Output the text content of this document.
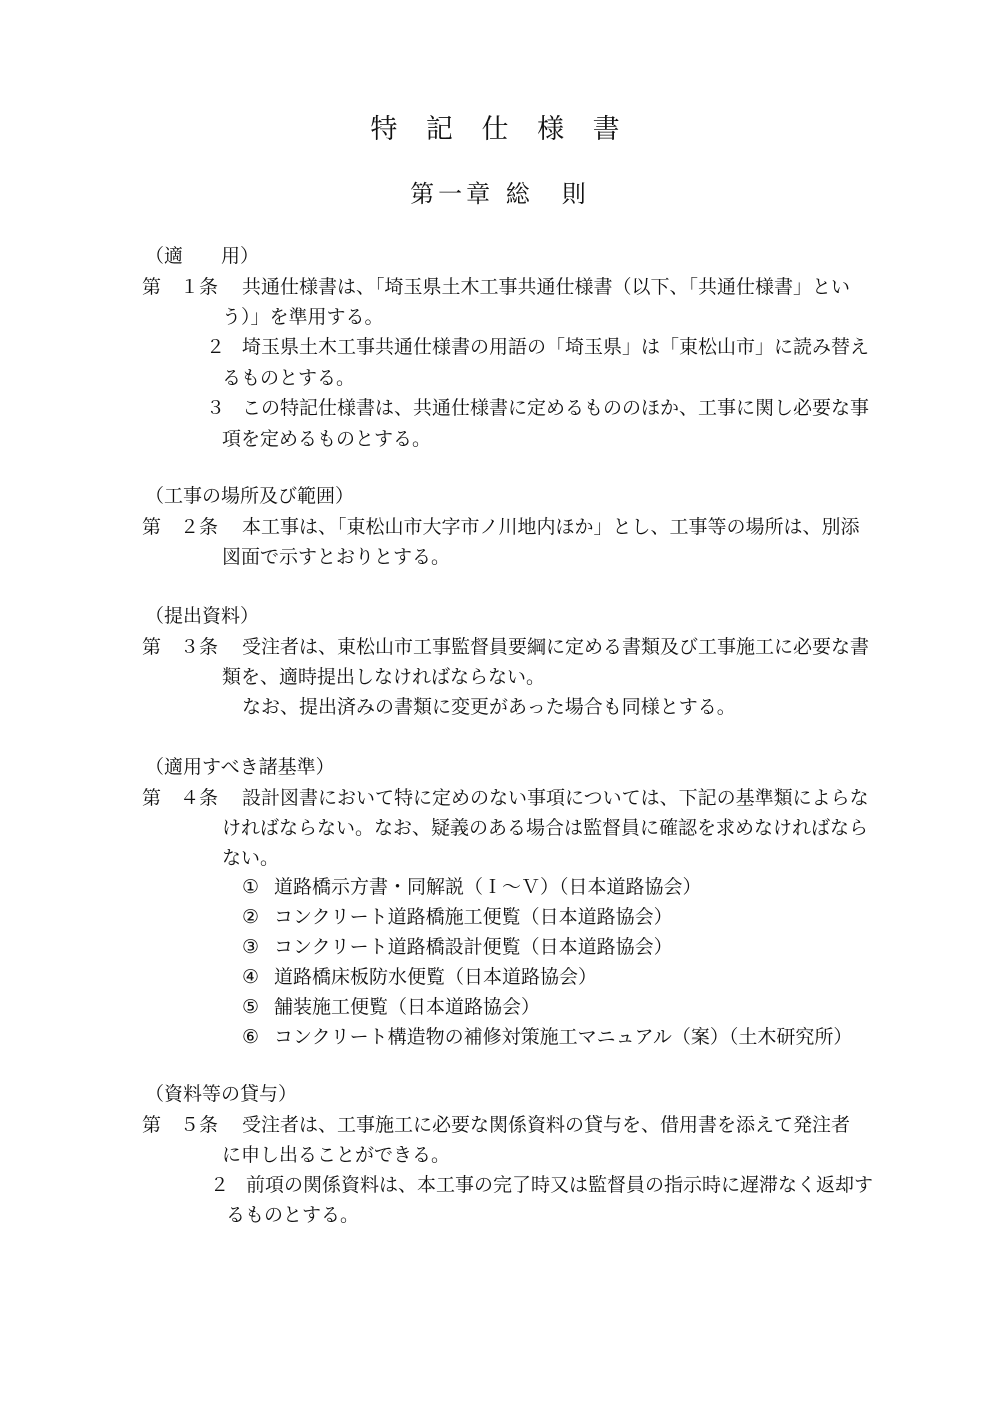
特 記 仕 様 書
第一章 総　則
（適　　用）
第　１条 共通仕様書は、「埼玉県土木工事共通仕様書（以下、「共通仕様書」とい
う）」を準用する。
２ 埼玉県土木工事共通仕様書の用語の「埼玉県」は「東松山市」に読み替え
るものとする。
３ この特記仕様書は、共通仕様書に定めるもののほか、工事に関し必要な事
項を定めるものとする。
（工事の場所及び範囲）
第　２条 本工事は、「東松山市大字市ノ川地内ほか」とし、工事等の場所は、別添
図面で示すとおりとする。
（提出資料）
第　３条 受注者は、東松山市工事監督員要綱に定める書類及び工事施工に必要な書
類を、適時提出しなければならない。
なお、提出済みの書類に変更があった場合も同様とする。
（適用すべき諸基準）
第　４条 設計図書において特に定めのない事項については、下記の基準類によらな
ければならない。なお、疑義のある場合は監督員に確認を求めなければなら
ない。
① 道路橋示方書・同解説（Ｉ～Ｖ）（日本道路協会）
② コンクリート道路橋施工便覧（日本道路協会）
③ コンクリート道路橋設計便覧（日本道路協会）
④ 道路橋床板防水便覧（日本道路協会）
⑤ 舗装施工便覧（日本道路協会）
⑥ コンクリート構造物の補修対策施工マニュアル（案）（土木研究所）
（資料等の貸与）
第　５条 受注者は、工事施工に必要な関係資料の貸与を、借用書を添えて発注者
に申し出ることができる。
２ 前項の関係資料は、本工事の完了時又は監督員の指示時に遅滞なく返却す
るものとする。
